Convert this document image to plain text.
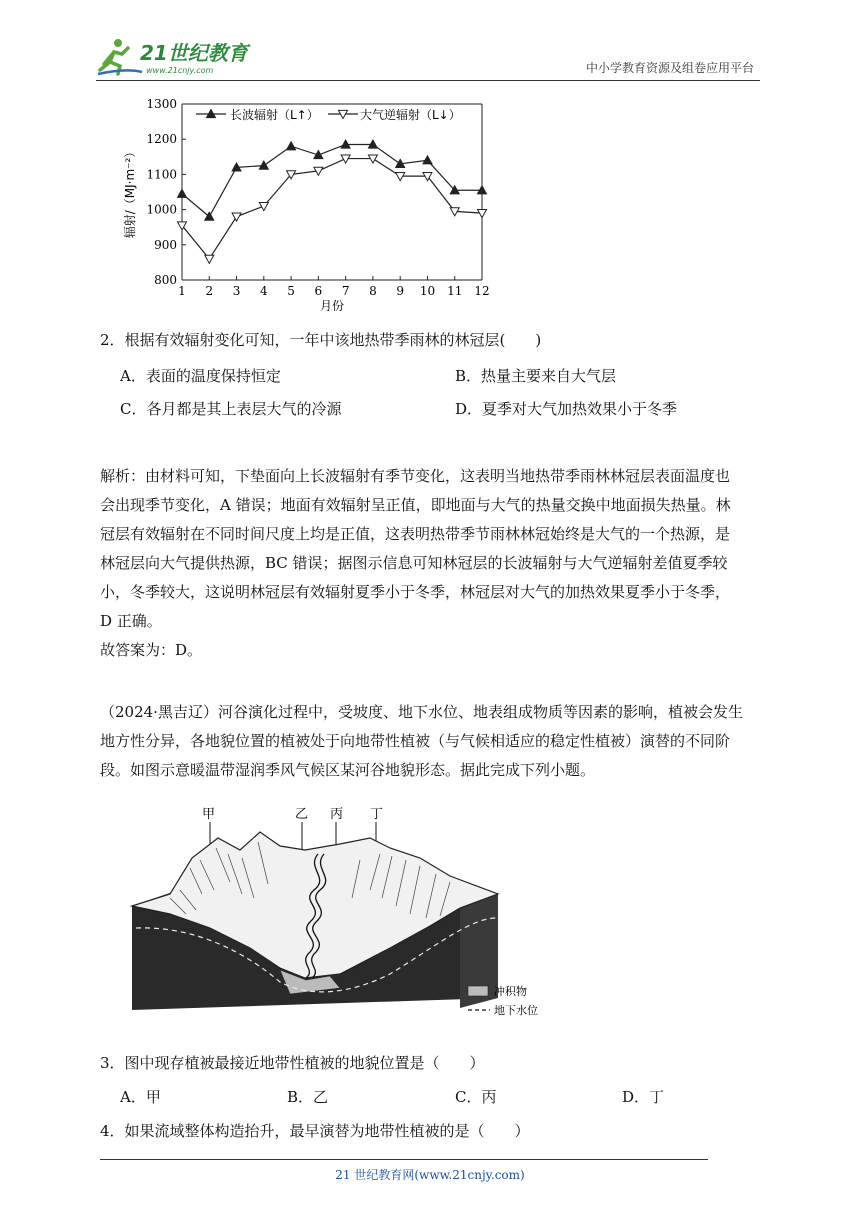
21世纪教育
www.21cnjy.com	中小学教育资源及组卷应用平台
800
900
1000
1100
1200
1300
1 2 3 4 5 6 7 8 9 10 11 12
长波辐射（L↑）	大气逆辐射（L↓）
辐射/（MJ·m⁻²）
月份
2．根据有效辐射变化可知，一年中该地热带季雨林的林冠层(　　)
A．表面的温度保持恒定	B．热量主要来自大气层
C．各月都是其上表层大气的冷源	D．夏季对大气加热效果小于冬季
解析：由材料可知，下垫面向上长波辐射有季节变化，这表明当地热带季雨林林冠层表面温度也
会出现季节变化，A 错误；地面有效辐射呈正值，即地面与大气的热量交换中地面损失热量。林
冠层有效辐射在不同时间尺度上均是正值，这表明热带季节雨林林冠始终是大气的一个热源，是
林冠层向大气提供热源，BC 错误；据图示信息可知林冠层的长波辐射与大气逆辐射差值夏季较
小，冬季较大，这说明林冠层有效辐射夏季小于冬季，林冠层对大气的加热效果夏季小于冬季，
D 正确。
故答案为：D。
（2024·黑吉辽）河谷演化过程中，受坡度、地下水位、地表组成物质等因素的影响，植被会发生
地方性分异，各地貌位置的植被处于向地带性植被（与气候相适应的稳定性植被）演替的不同阶
段。如图示意暖温带湿润季风气候区某河谷地貌形态。据此完成下列小题。
甲	乙 丙 丁
冲积物
地下水位
3．图中现存植被最接近地带性植被的地貌位置是（　　）
A．甲	B．乙	C．丙	D．丁
4．如果流域整体构造抬升，最早演替为地带性植被的是（　　）
21 世纪教育网(www.21cnjy.com)
